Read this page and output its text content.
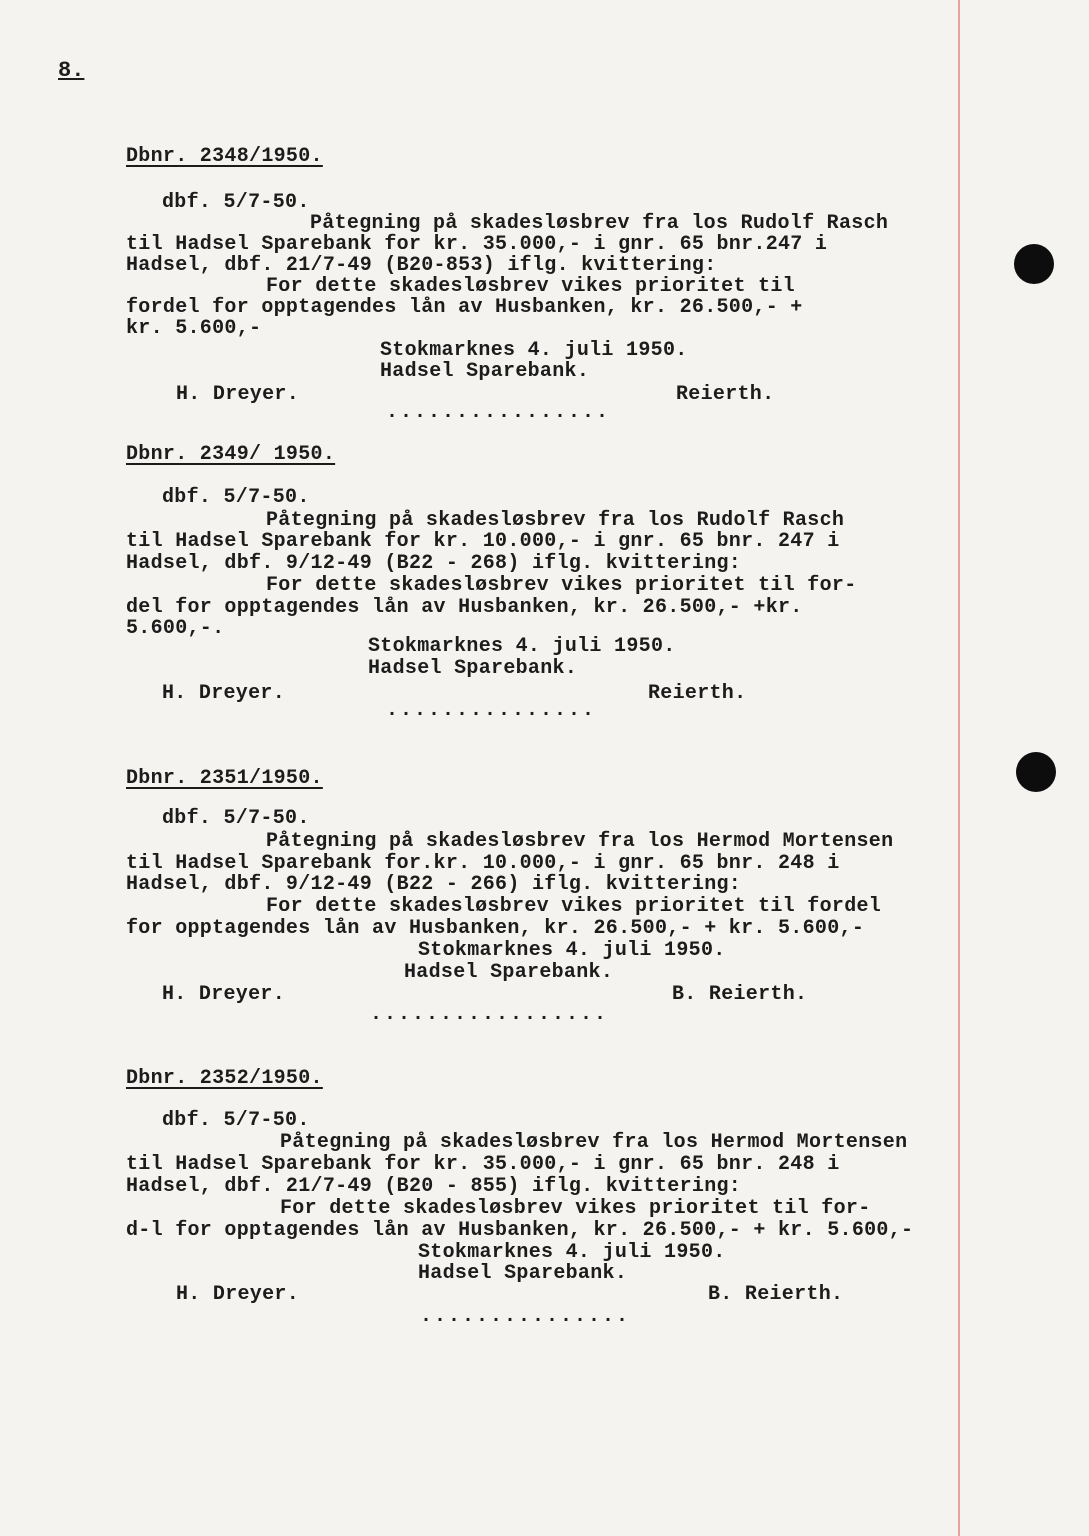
8.
Dbnr. 2348/1950.
dbf. 5/7-50.
Påtegning på skadesløsbrev fra los Rudolf Rasch
til Hadsel Sparebank for kr. 35.000,- i gnr. 65 bnr.247 i
Hadsel, dbf. 21/7-49 (B20-853) iflg. kvittering:
For dette skadesløsbrev vikes prioritet til
fordel for opptagendes lån av Husbanken, kr. 26.500,- +
kr. 5.600,-
Stokmarknes 4. juli 1950.
Hadsel Sparebank.
H. Dreyer.	Reierth.
................
Dbnr. 2349/ 1950.
dbf. 5/7-50.
Påtegning på skadesløsbrev fra los Rudolf Rasch
til Hadsel Sparebank for kr. 10.000,- i gnr. 65 bnr. 247 i
Hadsel, dbf. 9/12-49 (B22 - 268) iflg. kvittering:
For dette skadesløsbrev vikes prioritet til for-
del for opptagendes lån av Husbanken, kr. 26.500,- +kr.
5.600,-.
Stokmarknes 4. juli 1950.
Hadsel Sparebank.
H. Dreyer.	Reierth.
...............
Dbnr. 2351/1950.
dbf. 5/7-50.
Påtegning på skadesløsbrev fra los Hermod Mortensen
til Hadsel Sparebank for.kr. 10.000,- i gnr. 65 bnr. 248 i
Hadsel, dbf. 9/12-49 (B22 - 266) iflg. kvittering:
For dette skadesløsbrev vikes prioritet til fordel
for opptagendes lån av Husbanken, kr. 26.500,- + kr. 5.600,-
Stokmarknes 4. juli 1950.
Hadsel Sparebank.
H. Dreyer.	B. Reierth.
.................
Dbnr. 2352/1950.
dbf. 5/7-50.
Påtegning på skadesløsbrev fra los Hermod Mortensen
til Hadsel Sparebank for kr. 35.000,- i gnr. 65 bnr. 248 i
Hadsel, dbf. 21/7-49 (B20 - 855) iflg. kvittering:
For dette skadesløsbrev vikes prioritet til for-
d-l for opptagendes lån av Husbanken, kr. 26.500,- + kr. 5.600,-
Stokmarknes 4. juli 1950.
Hadsel Sparebank.
H. Dreyer.	B. Reierth.
...............
